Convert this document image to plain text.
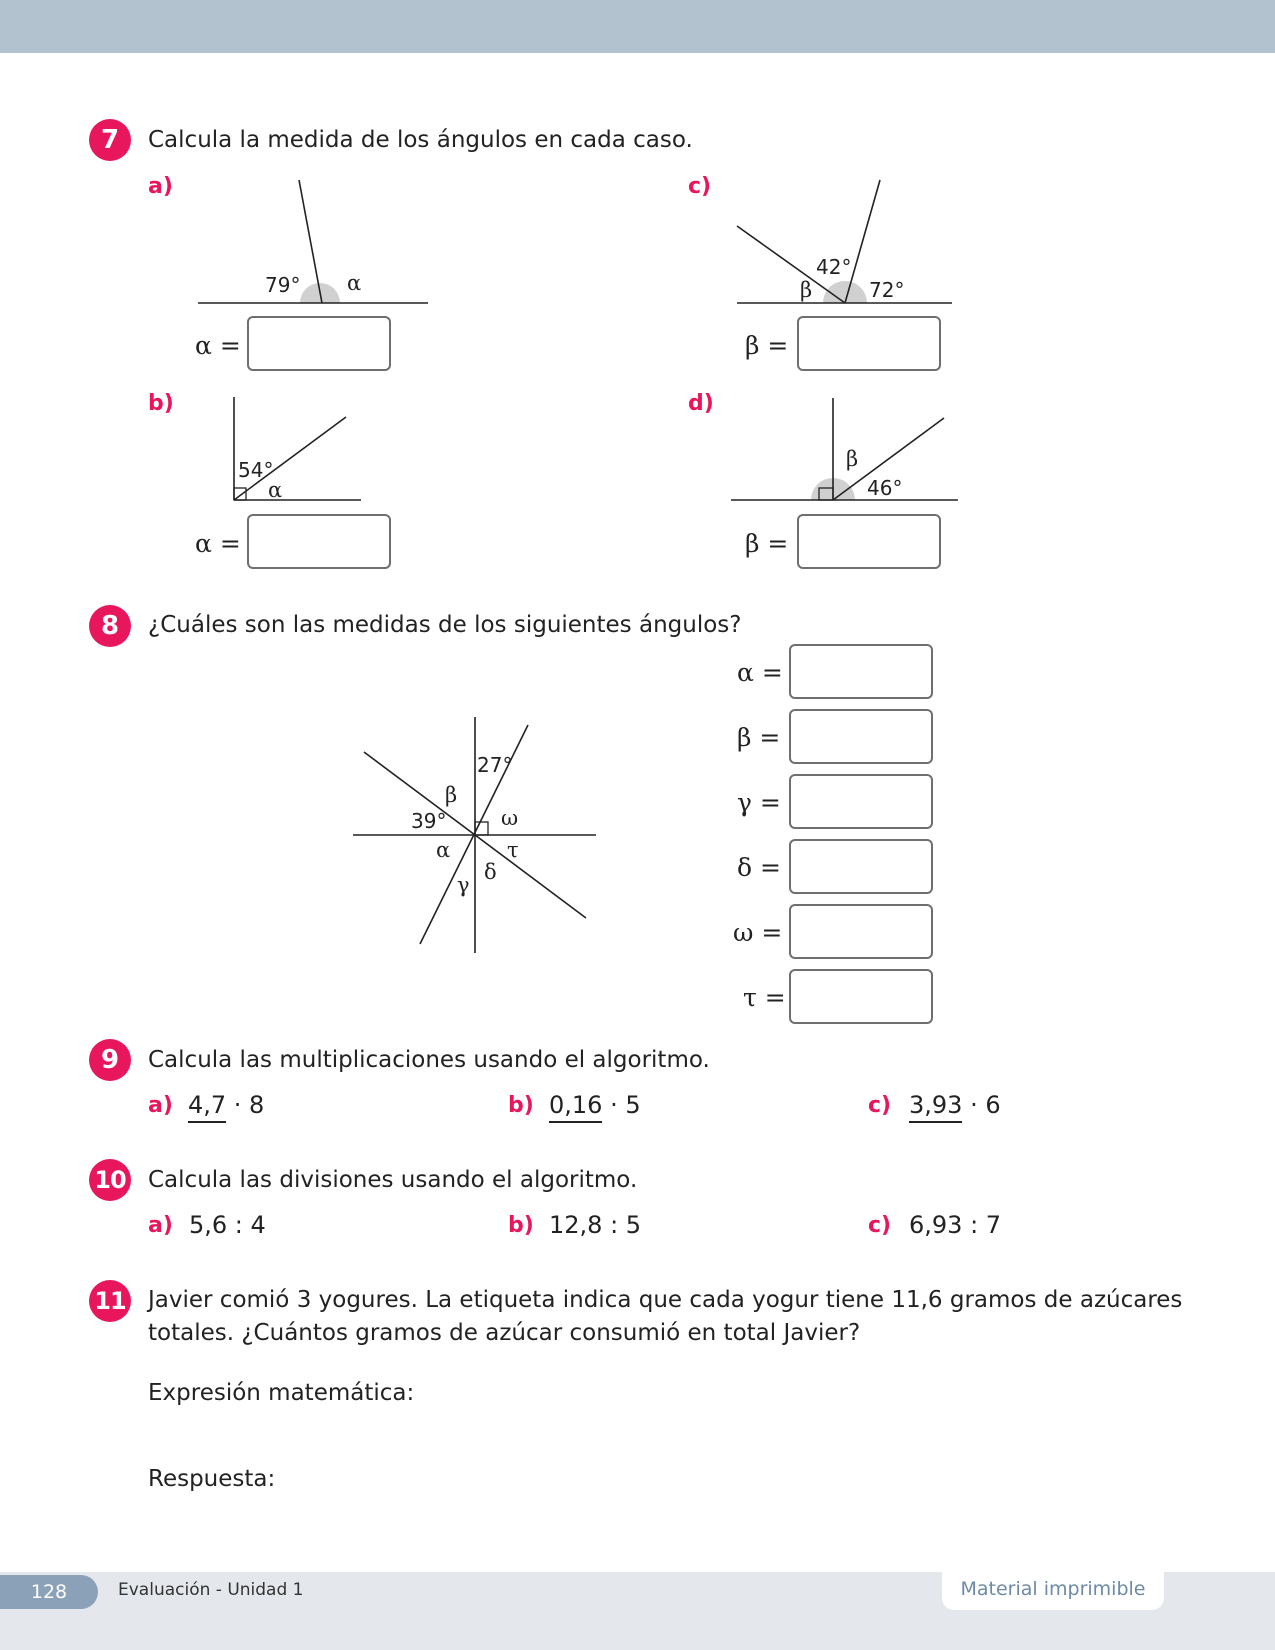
7	Calcula la medida de los ángulos en cada caso.
a)
79° α
α =
c)
42°
β	72°
β =
b)
54°
α
α =
d)
β
46°
β =
8	¿Cuáles son las medidas de los siguientes ángulos?
27°
β
39°	ω
α	τ
δ
γ
α =
β =
γ =
δ =
ω =
τ =
9	Calcula las multiplicaciones usando el algoritmo.
a) 4,7 · 8	b) 0,16 · 5	c) 3,93 · 6
10 Calcula las divisiones usando el algoritmo.
a) 5,6 : 4	b) 12,8 : 5	c) 6,93 : 7
11 Javier comió 3 yogures. La etiqueta indica que cada yogur tiene 11,6 gramos de azúcares
totales. ¿Cuántos gramos de azúcar consumió en total Javier?
Expresión matemática:
Respuesta:
128	Evaluación - Unidad 1	Material imprimible
